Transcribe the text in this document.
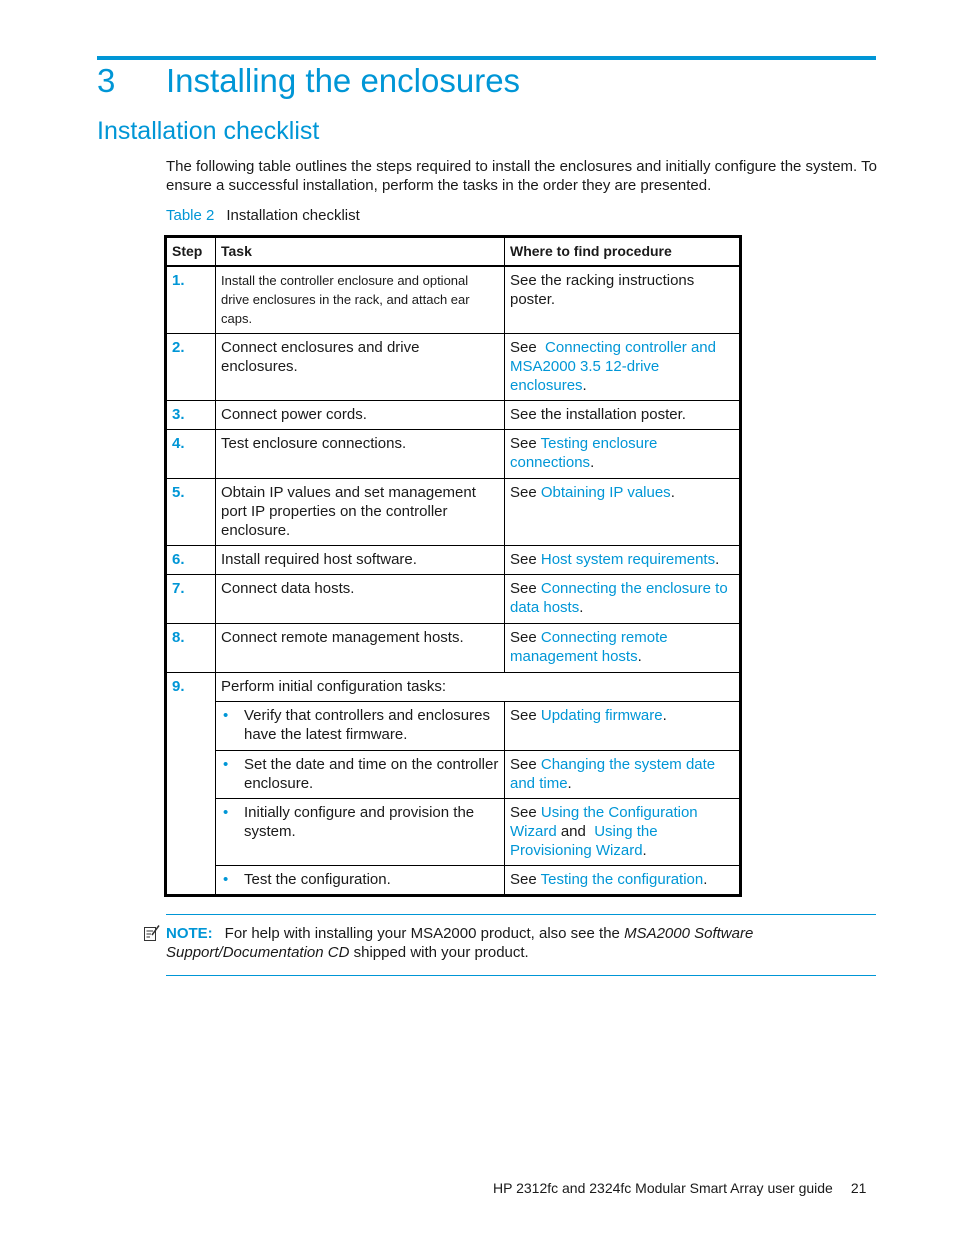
3 Installing the enclosures
Installation checklist
The following table outlines the steps required to install the enclosures and initially configure the system. To ensure a successful installation, perform the tasks in the order they are presented.
Table 2 Installation checklist
Step	Task	Where to find procedure
1.	Install the controller enclosure and optional drive enclosures in the rack, and attach ear caps.	See the racking instructions poster.
2.	Connect enclosures and drive enclosures.	See Connecting controller and MSA2000 3.5 12-drive enclosures.
3.	Connect power cords.	See the installation poster.
4.	Test enclosure connections.	See Testing enclosure connections.
5.	Obtain IP values and set management port IP properties on the controller enclosure.	See Obtaining IP values.
6.	Install required host software.	See Host system requirements.
7.	Connect data hosts.	See Connecting the enclosure to data hosts.
8.	Connect remote management hosts.	See Connecting remote management hosts.
9.	Perform initial configuration tasks:	

	• Verify that controllers and enclosures have the latest firmware.	See Updating firmware.

	• Set the date and time on the controller enclosure.	See Changing the system date and time.

	• Initially configure and provision the system.	See Using the Configuration Wizard and Using the Provisioning Wizard.

	• Test the configuration.	See Testing the configuration.
NOTE: For help with installing your MSA2000 product, also see the MSA2000 Software Support/Documentation CD shipped with your product.
HP 2312fc and 2324fc Modular Smart Array user guide 21
